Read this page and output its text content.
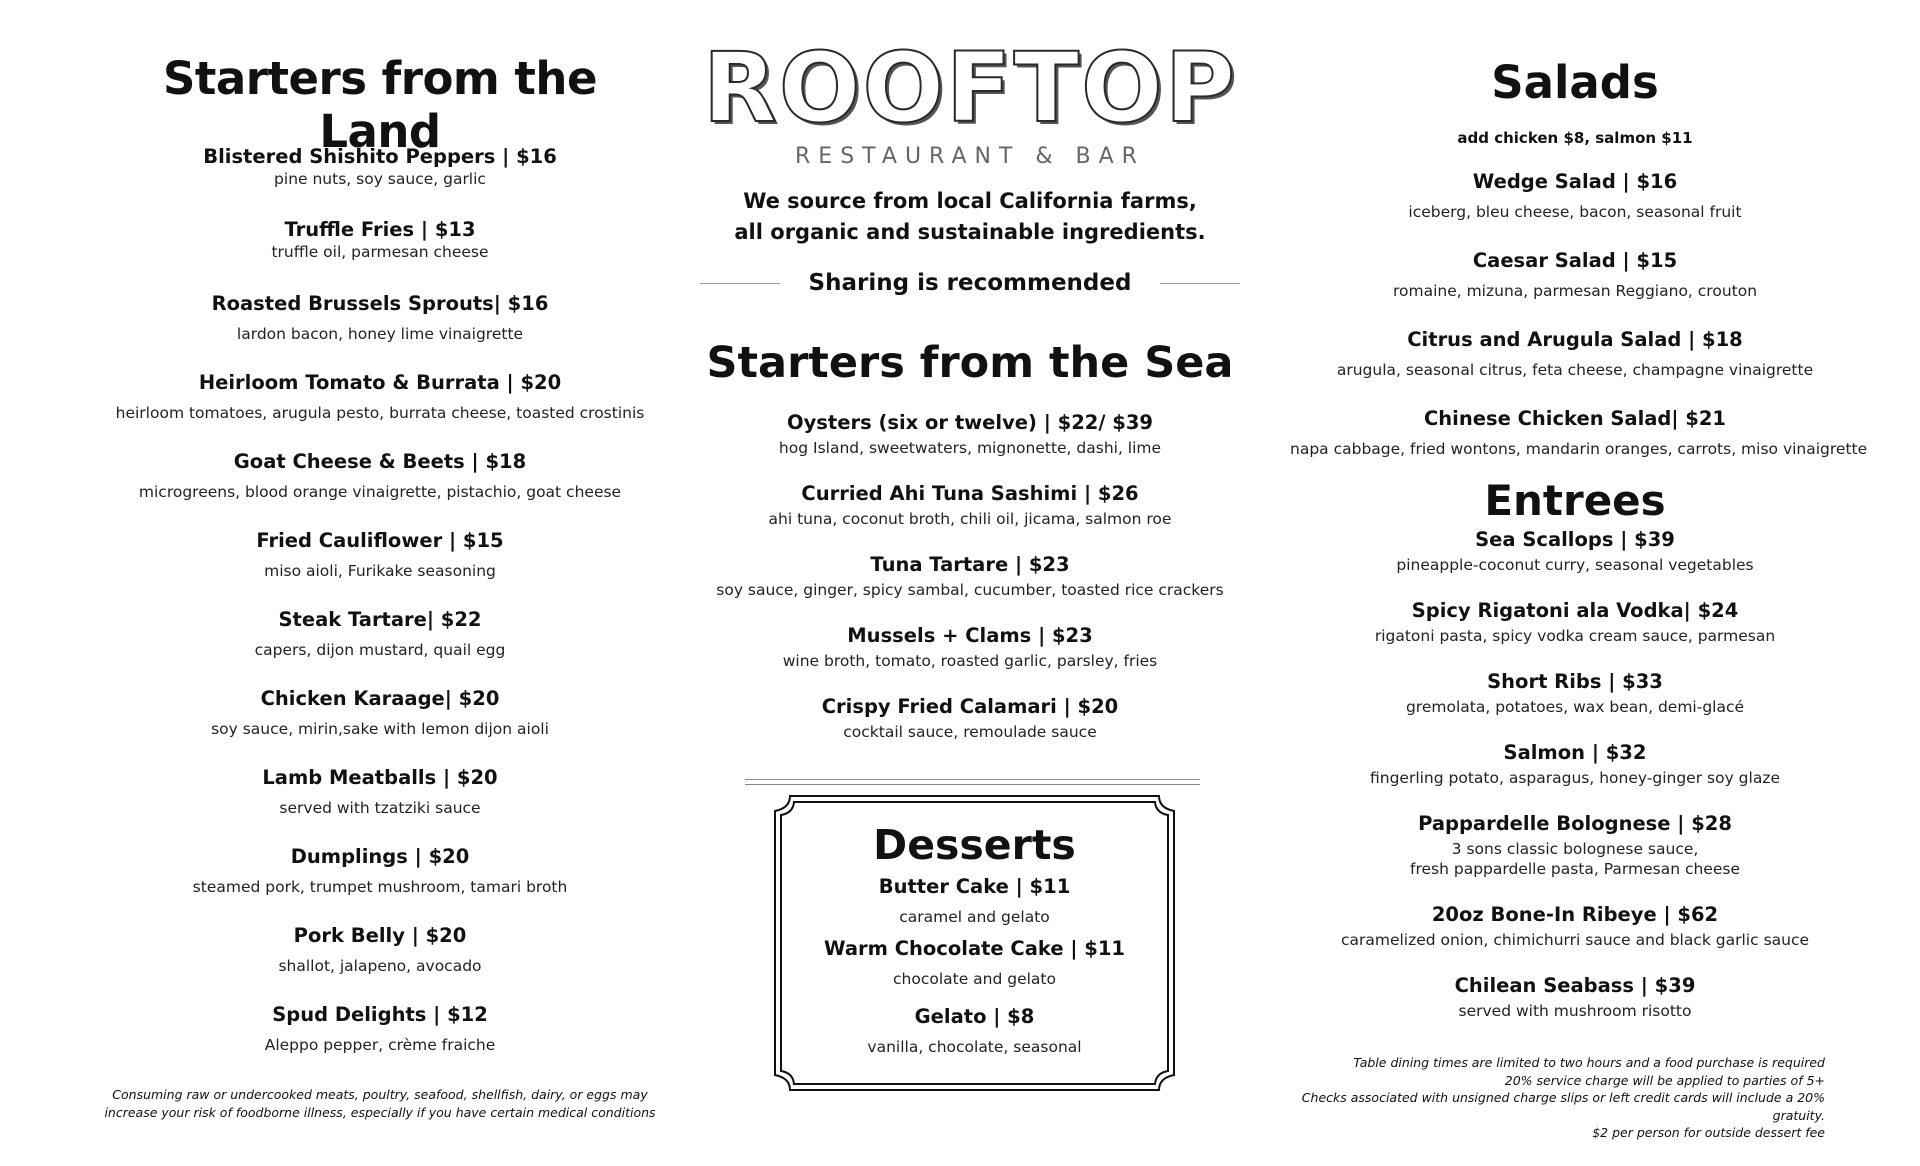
Starters from the Land
Blistered Shishito Peppers | $16
pine nuts, soy sauce, garlic
Truffle Fries | $13
truffle oil, parmesan cheese
Roasted Brussels Sprouts| $16
lardon bacon, honey lime vinaigrette
Heirloom Tomato & Burrata | $20
heirloom tomatoes, arugula pesto, burrata cheese, toasted crostinis
Goat Cheese & Beets | $18
microgreens, blood orange vinaigrette, pistachio, goat cheese
Fried Cauliflower | $15
miso aioli, Furikake seasoning
Steak Tartare| $22
capers, dijon mustard, quail egg
Chicken Karaage| $20
soy sauce, mirin,sake with lemon dijon aioli
Lamb Meatballs | $20
served with tzatziki sauce
Dumplings | $20
steamed pork, trumpet mushroom, tamari broth
Pork Belly | $20
shallot, jalapeno, avocado
Spud Delights | $12
Aleppo pepper, crème fraiche
Consuming raw or undercooked meats, poultry, seafood, shellfish, dairy, or eggs may
increase your risk of foodborne illness, especially if you have certain medical conditions
ROOFTOP
RESTAURANT & BAR
We source from local California farms,
all organic and sustainable ingredients.
Sharing is recommended
Starters from the Sea
Oysters (six or twelve) | $22/ $39
hog Island, sweetwaters, mignonette, dashi, lime
Curried Ahi Tuna Sashimi | $26
ahi tuna, coconut broth, chili oil, jicama, salmon roe
Tuna Tartare | $23
soy sauce, ginger, spicy sambal, cucumber, toasted rice crackers
Mussels + Clams | $23
wine broth, tomato, roasted garlic, parsley, fries
Crispy Fried Calamari | $20
cocktail sauce, remoulade sauce
Desserts
Butter Cake | $11
caramel and gelato
Warm Chocolate Cake | $11
chocolate and gelato
Gelato | $8
vanilla, chocolate, seasonal
Salads
add chicken $8, salmon $11
Wedge Salad | $16
iceberg, bleu cheese, bacon, seasonal fruit
Caesar Salad | $15
romaine, mizuna, parmesan Reggiano, crouton
Citrus and Arugula Salad | $18
arugula, seasonal citrus, feta cheese, champagne vinaigrette
Chinese Chicken Salad| $21
napa cabbage, fried wontons, mandarin oranges, carrots, miso vinaigrette
Entrees
Sea Scallops | $39
pineapple-coconut curry, seasonal vegetables
Spicy Rigatoni ala Vodka| $24
rigatoni pasta, spicy vodka cream sauce, parmesan
Short Ribs | $33
gremolata, potatoes, wax bean, demi-glacé
Salmon | $32
fingerling potato, asparagus, honey-ginger soy glaze
Pappardelle Bolognese | $28
3 sons classic bolognese sauce,
fresh pappardelle pasta, Parmesan cheese
20oz Bone-In Ribeye | $62
caramelized onion, chimichurri sauce and black garlic sauce
Chilean Seabass | $39
served with mushroom risotto
Table dining times are limited to two hours and a food purchase is required
20% service charge will be applied to parties of 5+
Checks associated with unsigned charge slips or left credit cards will include a 20% gratuity.
$2 per person for outside dessert fee
